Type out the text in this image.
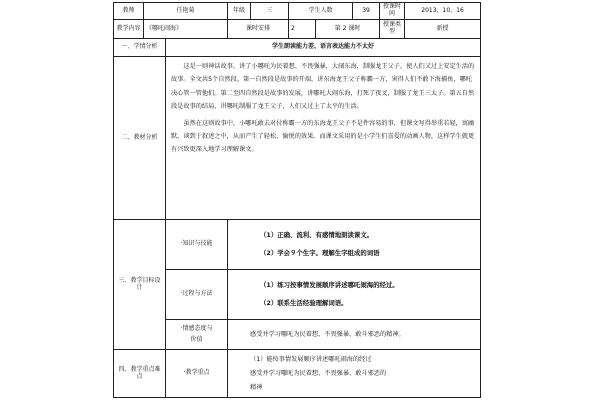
教师	任艳菊		年级	三	学生人数		39	授课时间	2013、10、16
教学内容	《哪吒闹海》		课时安排		2	第 2 课时		授课类型	新授
一、学情分析		学生朗读能力差、语言表达能力不太好							
二、教材分析		这是一则神话故事，讲了小哪吒为民着想、不畏强暴，大闹东海，制服龙王父子，使人们又过上安定生活的故事。全文共5个自然段。第一自然段是故事的开端，讲东海龙王父子称霸一方，害得人们不敢下海捕鱼，哪吒决心管一管他们。第二至四自然段是故事的发展，讲哪吒大闹东海，打死了夜叉，制服了龙王三太子。第五自然段是故事的结局，讲哪吒制服了龙王父子，人们又过上了太平的生活。

虽然在这则故事中，小哪吒敢去对付称霸一方的东海龙王父子不是件容易的事，但课文写得举重若轻，寓幽默，谈到于叙述之中，从而产生了轻松、愉悦的效果。而课文采用的是小学生们喜爱的动画人物，这样学生就更有兴致更深入地学习理解课文。							

三、教学目标设计		·知识与技能	（1）正确、流利、有感情地朗读课文。
（2）学会９个生字。理解生字组成的词语						

		·过程与方法	（1）练习按事情发展顺序讲述哪吒闹海的经过。
（2）联系生活经验理解词语。						

		·情感态度与
价值	感受并学习哪吒为民着想、不畏强暴、敢斗邪恶的精神。						

四、教学重点难点		·教学重点	（1）能按事情发展顺序讲述哪吒闹海的经过
感受并学习哪吒为民着想、不畏强暴、敢斗邪恶的
精神						
